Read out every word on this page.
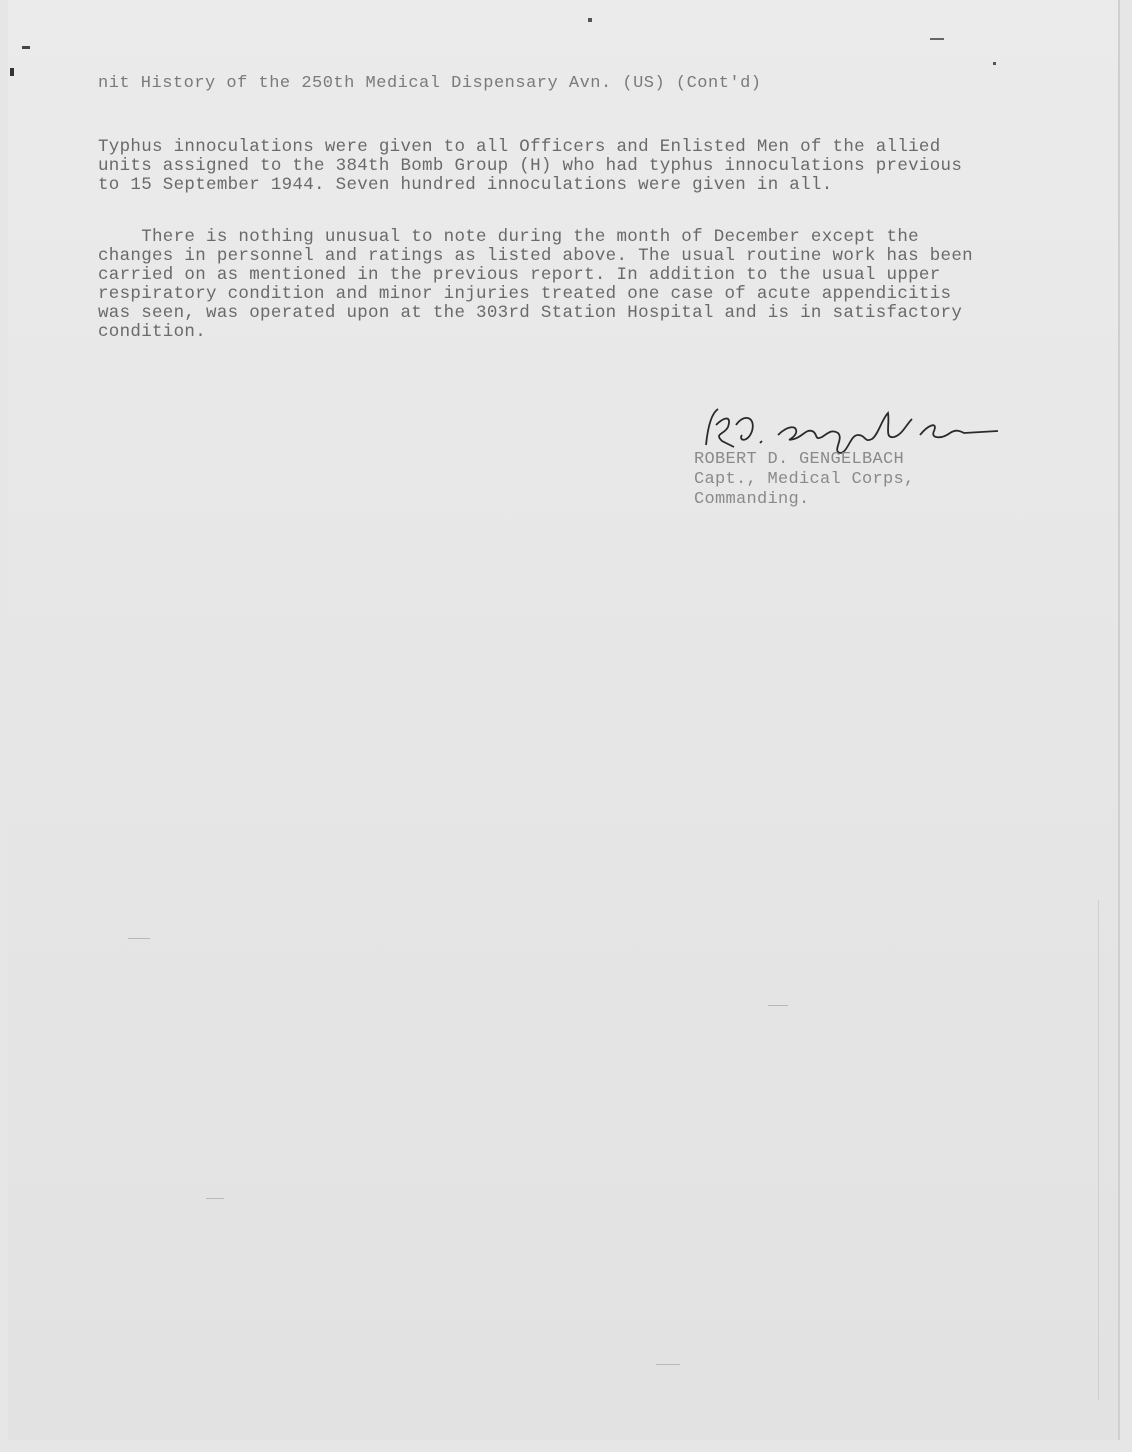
nit History of the 250th Medical Dispensary Avn. (US) (Cont'd)
Typhus innoculations were given to all Officers and Enlisted Men of the allied
units assigned to the 384th Bomb Group (H) who had typhus innoculations previous
to 15 September 1944. Seven hundred innoculations were given in all.
There is nothing unusual to note during the month of December except the
changes in personnel and ratings as listed above. The usual routine work has been
carried on as mentioned in the previous report. In addition to the usual upper
respiratory condition and minor injuries treated one case of acute appendicitis
was seen, was operated upon at the 303rd Station Hospital and is in satisfactory
condition.
ROBERT D. GENGELBACH
Capt., Medical Corps,
Commanding.
